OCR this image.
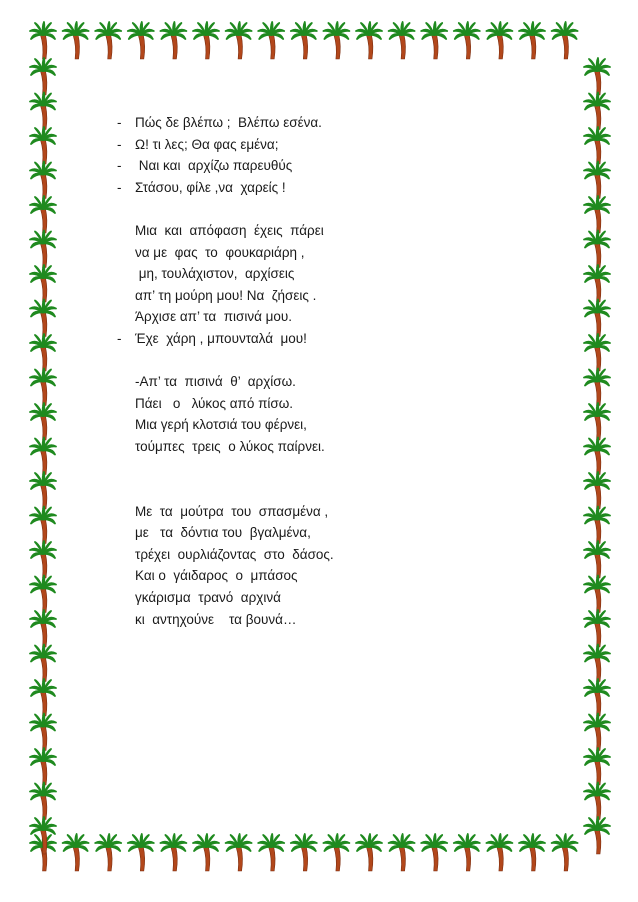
- Πώς δε βλέπω ;  Βλέπω εσένα.
- Ω! τι λες; Θα φας εμένα;
- Ναι και  αρχίζω παρευθύς
- Στάσου, φίλε ,να  χαρείς !
Μια  και  απόφαση  έχεις  πάρει
να με  φας  το  φουκαριάρη ,
μη, τουλάχιστον,  αρχίσεις
απ’ τη μούρη μου! Να  ζήσεις .
Άρχισε απ’ τα  πισινά μου.
- Έχε  χάρη , μπουνταλά  μου!
-Απ’ τα  πισινά  θ’  αρχίσω.
Πάει   ο   λύκος από πίσω.
Μια γερή κλοτσιά του φέρνει,
τούμπες  τρεις  ο λύκος παίρνει.
Με  τα  μούτρα  του  σπασμένα ,
με   τα  δόντια του  βγαλμένα,
τρέχει  ουρλιάζοντας  στο  δάσος.
Και ο  γάιδαρος  ο  μπάσος
γκάρισμα  τρανό  αρχινά
κι  αντηχούνε    τα βουνά…
